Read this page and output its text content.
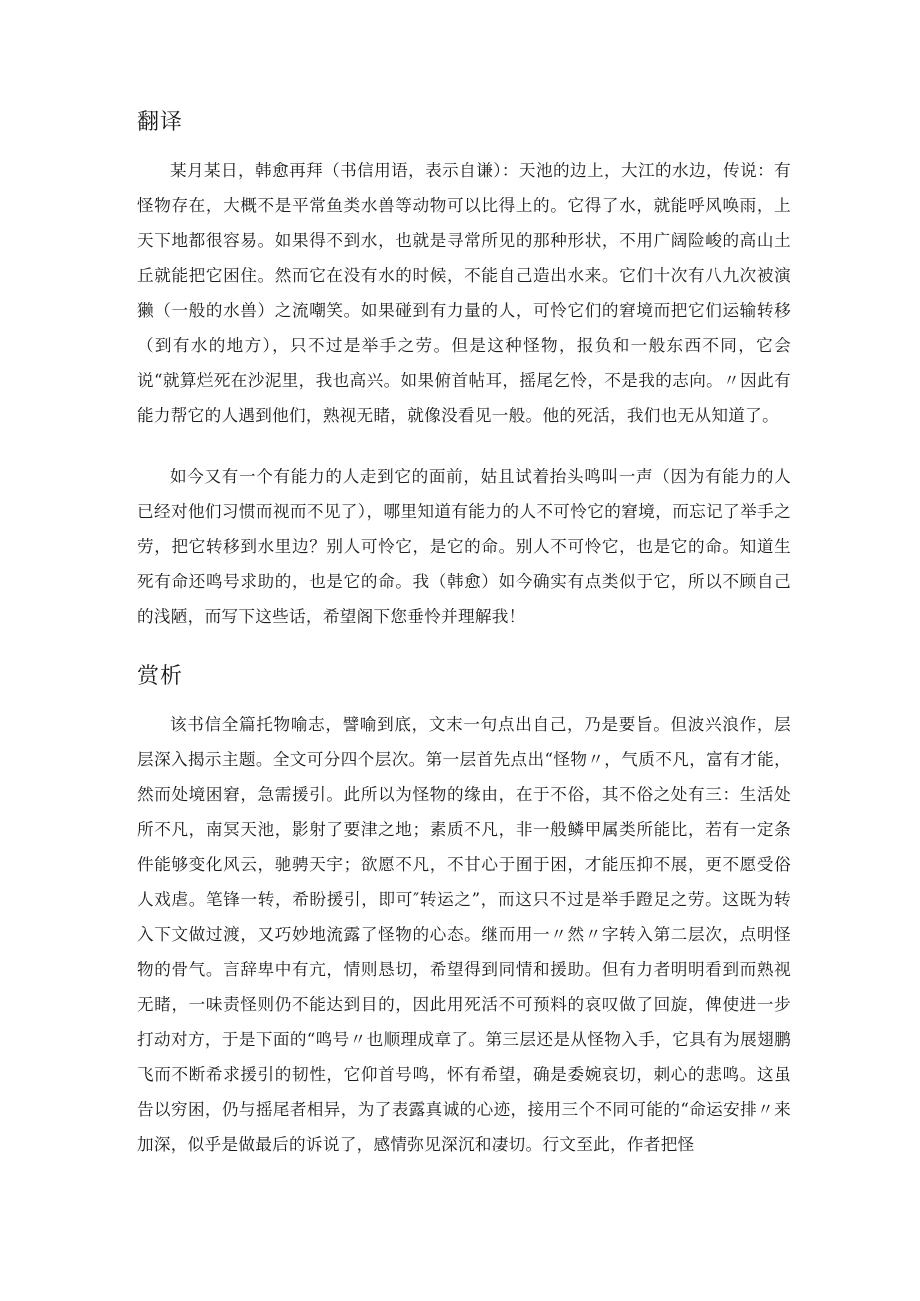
翻译

某月某日，韩愈再拜（书信用语，表示自谦）：天池的边上，大江的水边，传说：有怪物存在，大概不是平常鱼类水兽等动物可以比得上的。它得了水，就能呼风唤雨，上天下地都很容易。如果得不到水，也就是寻常所见的那种形状，不用广阔险峻的高山土丘就能把它困住。然而它在没有水的时候，不能自己造出水来。它们十次有八九次被演獭（一般的水兽）之流嘲笑。如果碰到有力量的人，可怜它们的窘境而把它们运输转移（到有水的地方），只不过是举手之劳。但是这种怪物，报负和一般东西不同，它会说“就算烂死在沙泥里，我也高兴。如果俯首帖耳，摇尾乞怜，不是我的志向。〃因此有能力帮它的人遇到他们，熟视无睹，就像没看见一般。他的死活，我们也无从知道了。

如今又有一个有能力的人走到它的面前，姑且试着抬头鸣叫一声（因为有能力的人已经对他们习惯而视而不见了），哪里知道有能力的人不可怜它的窘境，而忘记了举手之劳，把它转移到水里边？别人可怜它，是它的命。别人不可怜它，也是它的命。知道生死有命还鸣号求助的，也是它的命。我（韩愈）如今确实有点类似于它，所以不顾自己的浅陋，而写下这些话，希望阁下您垂怜并理解我！

赏析

该书信全篇托物喻志，譬喻到底，文末一句点出自己，乃是要旨。但波兴浪作，层层深入揭示主题。全文可分四个层次。第一层首先点出“怪物〃，气质不凡，富有才能，然而处境困窘，急需援引。此所以为怪物的缘由，在于不俗，其不俗之处有三：生活处所不凡，南冥天池，影射了要津之地；素质不凡，非一般鳞甲属类所能比，若有一定条件能够变化风云，驰骋天宇；欲愿不凡，不甘心于囿于困，才能压抑不展，更不愿受俗人戏虐。笔锋一转，希盼援引，即可″转运之”，而这只不过是举手蹬足之劳。这既为转入下文做过渡，又巧妙地流露了怪物的心态。继而用一〃然〃字转入第二层次，点明怪物的骨气。言辞卑中有亢，情则恳切，希望得到同情和援助。但有力者明明看到而熟视无睹，一味责怪则仍不能达到目的，因此用死活不可预料的哀叹做了回旋，俾使进一步打动对方，于是下面的“鸣号〃也顺理成章了。第三层还是从怪物入手，它具有为展翅鹏飞而不断希求援引的韧性，它仰首号鸣，怀有希望，确是委婉哀切，刺心的悲鸣。这虽告以穷困，仍与摇尾者相异，为了表露真诚的心迹，接用三个不同可能的“命运安排〃来加深，似乎是做最后的诉说了，感情弥见深沉和凄切。行文至此，作者把怪
